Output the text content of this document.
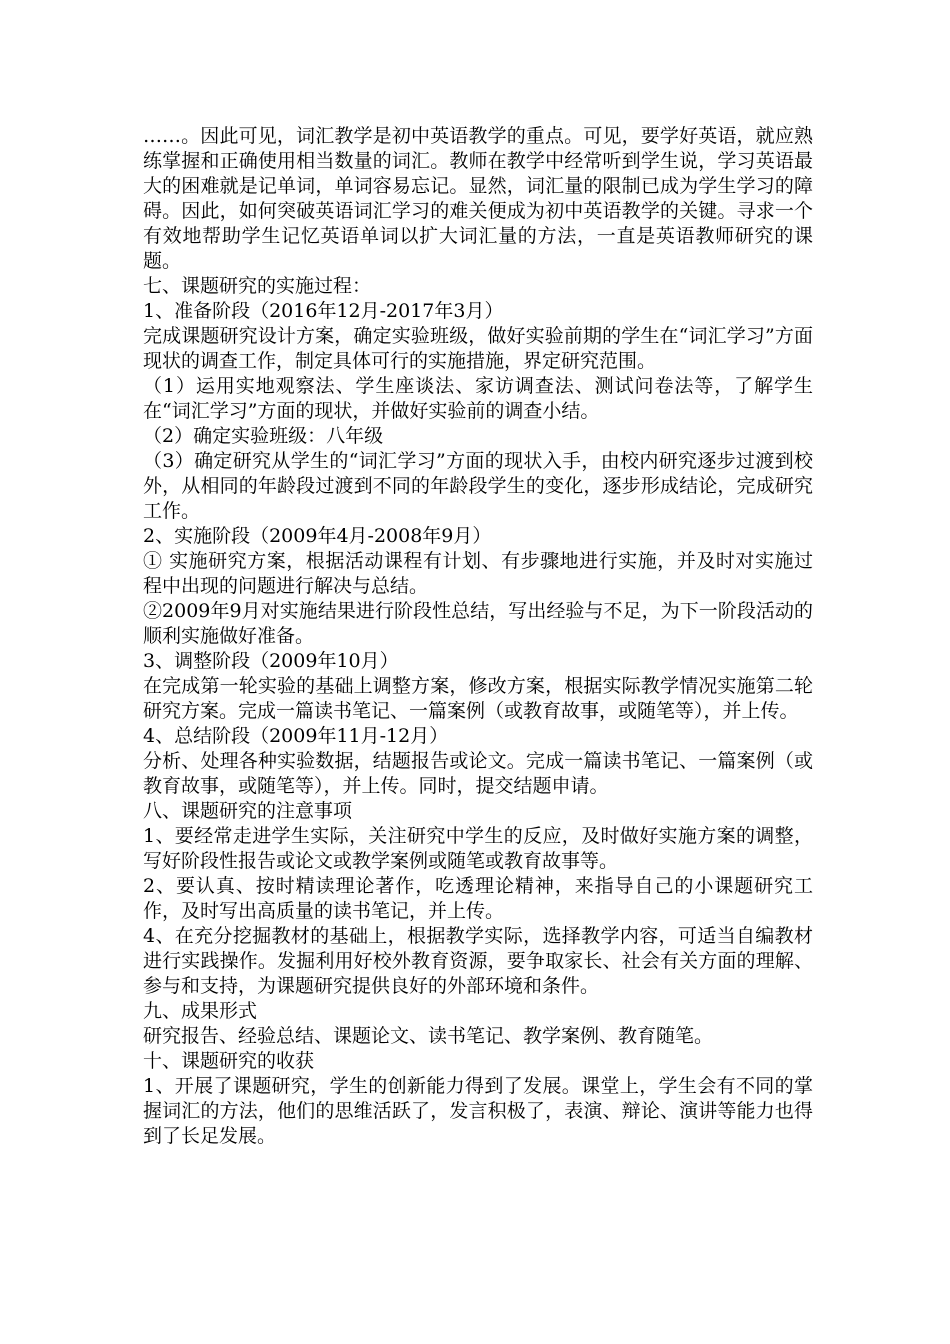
……。因此可见，词汇教学是初中英语教学的重点。可见，要学好英语，就应熟练掌握和正确使用相当数量的词汇。教师在教学中经常听到学生说，学习英语最大的困难就是记单词，单词容易忘记。显然，词汇量的限制已成为学生学习的障碍。因此，如何突破英语词汇学习的难关便成为初中英语教学的关键。寻求一个有效地帮助学生记忆英语单词以扩大词汇量的方法，一直是英语教师研究的课题。

七、课题研究的实施过程：

1、准备阶段（2016年12月-2017年3月）

完成课题研究设计方案，确定实验班级，做好实验前期的学生在“词汇学习”方面现状的调查工作，制定具体可行的实施措施，界定研究范围。

（1）运用实地观察法、学生座谈法、家访调查法、测试问卷法等，了解学生在“词汇学习”方面的现状，并做好实验前的调查小结。

（2）确定实验班级：八年级

（3）确定研究从学生的“词汇学习”方面的现状入手，由校内研究逐步过渡到校外，从相同的年龄段过渡到不同的年龄段学生的变化，逐步形成结论，完成研究工作。

2、实施阶段（2009年4月-2008年9月）

① 实施研究方案，根据活动课程有计划、有步骤地进行实施，并及时对实施过程中出现的问题进行解决与总结。

②2009年9月对实施结果进行阶段性总结，写出经验与不足，为下一阶段活动的顺利实施做好准备。

3、调整阶段（2009年10月）

在完成第一轮实验的基础上调整方案，修改方案，根据实际教学情况实施第二轮研究方案。完成一篇读书笔记、一篇案例（或教育故事，或随笔等），并上传。

4、总结阶段（2009年11月-12月）

分析、处理各种实验数据，结题报告或论文。完成一篇读书笔记、一篇案例（或教育故事，或随笔等），并上传。同时，提交结题申请。

八、课题研究的注意事项

1、要经常走进学生实际，关注研究中学生的反应，及时做好实施方案的调整，写好阶段性报告或论文或教学案例或随笔或教育故事等。

2、要认真、按时精读理论著作，吃透理论精神，来指导自己的小课题研究工作，及时写出高质量的读书笔记，并上传。

4、在充分挖掘教材的基础上，根据教学实际，选择教学内容，可适当自编教材进行实践操作。发掘利用好校外教育资源，要争取家长、社会有关方面的理解、参与和支持，为课题研究提供良好的外部环境和条件。

九、成果形式

研究报告、经验总结、课题论文、读书笔记、教学案例、教育随笔。

十、课题研究的收获

1、开展了课题研究，学生的创新能力得到了发展。课堂上，学生会有不同的掌握词汇的方法，他们的思维活跃了，发言积极了，表演、辩论、演讲等能力也得到了长足发展。
